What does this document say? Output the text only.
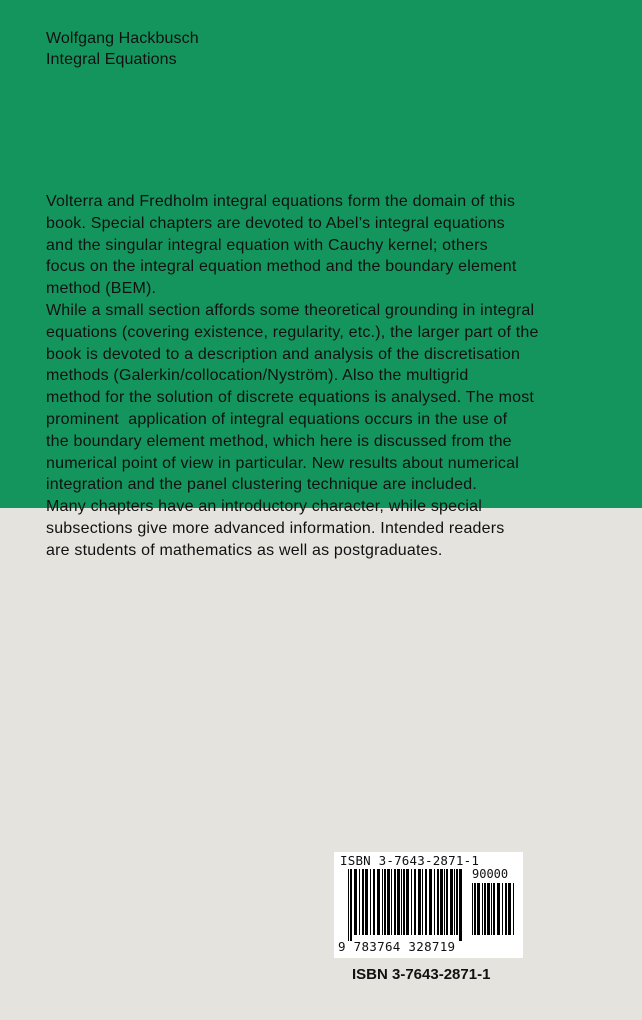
Wolfgang Hackbusch
Integral Equations

Volterra and Fredholm integral equations form the domain of this

book. Special chapters are devoted to Abel’s integral equations

and the singular integral equation with Cauchy kernel; others

focus on the integral equation method and the boundary element

method (BEM).

While a small section affords some theoretical grounding in integral

equations (covering existence, regularity, etc.), the larger part of the

book is devoted to a description and analysis of the discretisation

methods (Galerkin/collocation/Nyström). Also the multigrid

method for the solution of discrete equations is analysed. The most

prominent  application of integral equations occurs in the use of

the boundary element method, which here is discussed from the

numerical point of view in particular. New results about numerical

integration and the panel clustering technique are included.

Many chapters have an introductory character, while special

subsections give more advanced information. Intended readers

are students of mathematics as well as postgraduates.

ISBN 3-7643-2871-1
90000
9 783764 328719
ISBN 3-7643-2871-1
